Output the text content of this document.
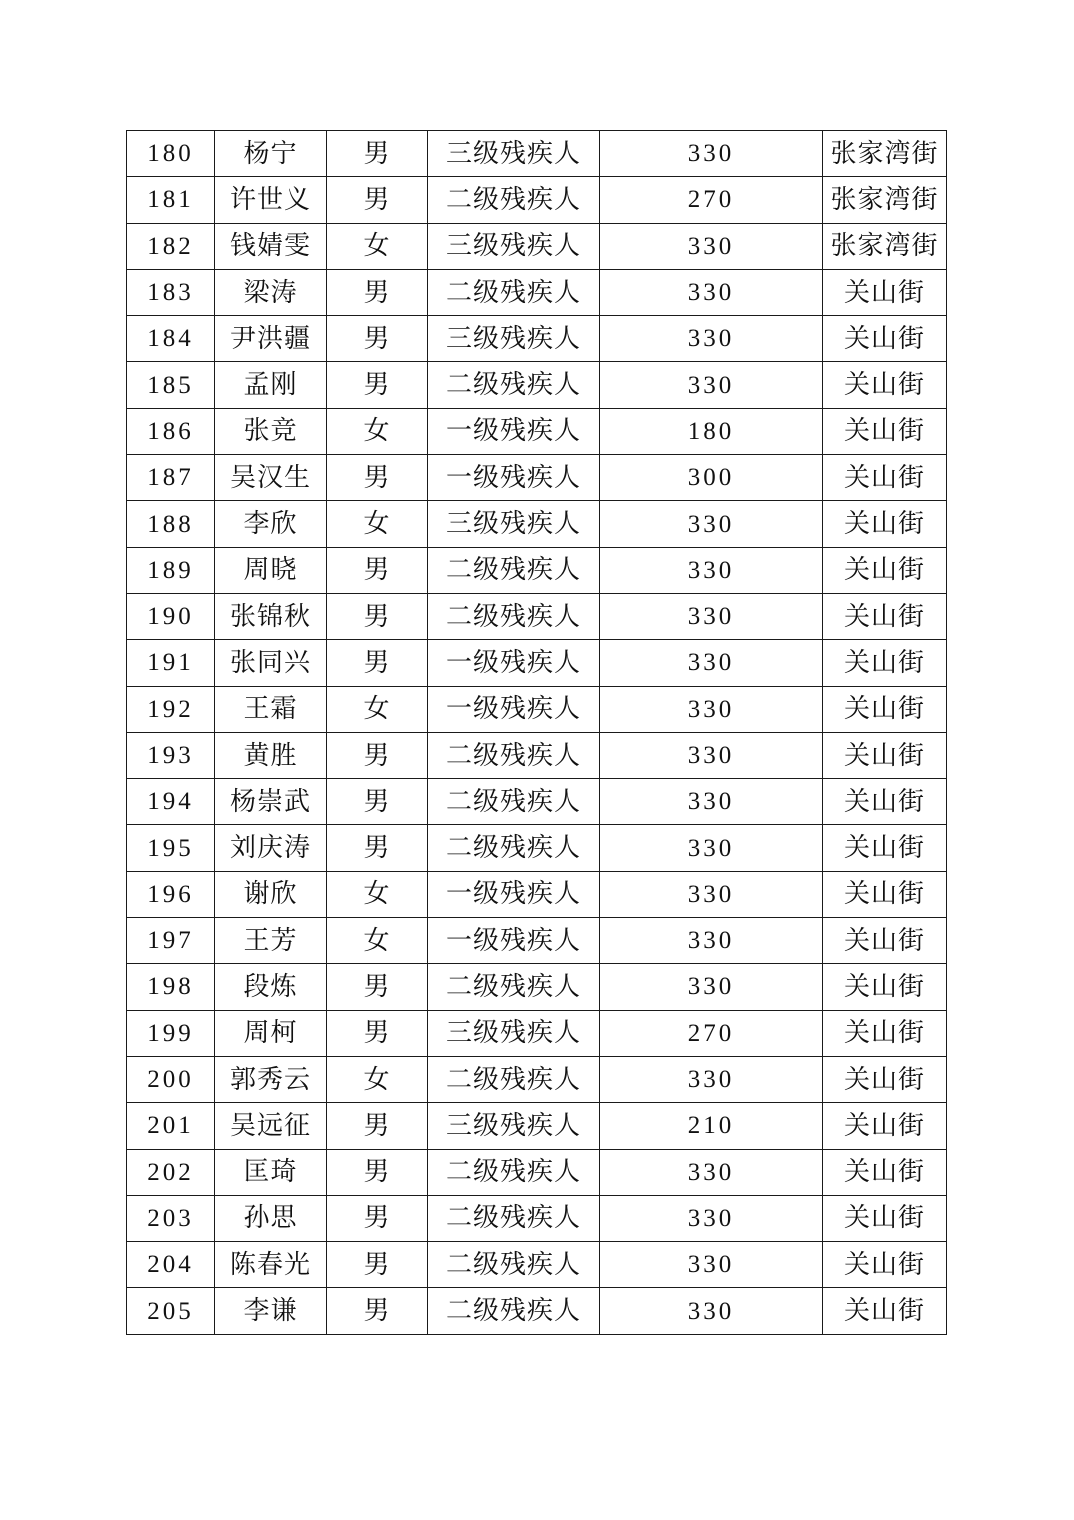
180	杨宁	男	三级残疾人	330	张家湾街
181	许世义	男	二级残疾人	270	张家湾街
182	钱婧雯	女	三级残疾人	330	张家湾街
183	梁涛	男	二级残疾人	330	关山街
184	尹洪疆	男	三级残疾人	330	关山街
185	孟刚	男	二级残疾人	330	关山街
186	张竞	女	一级残疾人	180	关山街
187	吴汉生	男	一级残疾人	300	关山街
188	李欣	女	三级残疾人	330	关山街
189	周晓	男	二级残疾人	330	关山街
190	张锦秋	男	二级残疾人	330	关山街
191	张同兴	男	一级残疾人	330	关山街
192	王霜	女	一级残疾人	330	关山街
193	黄胜	男	二级残疾人	330	关山街
194	杨崇武	男	二级残疾人	330	关山街
195	刘庆涛	男	二级残疾人	330	关山街
196	谢欣	女	一级残疾人	330	关山街
197	王芳	女	一级残疾人	330	关山街
198	段炼	男	二级残疾人	330	关山街
199	周柯	男	三级残疾人	270	关山街
200	郭秀云	女	二级残疾人	330	关山街
201	吴远征	男	三级残疾人	210	关山街
202	匡琦	男	二级残疾人	330	关山街
203	孙思	男	二级残疾人	330	关山街
204	陈春光	男	二级残疾人	330	关山街
205	李谦	男	二级残疾人	330	关山街
